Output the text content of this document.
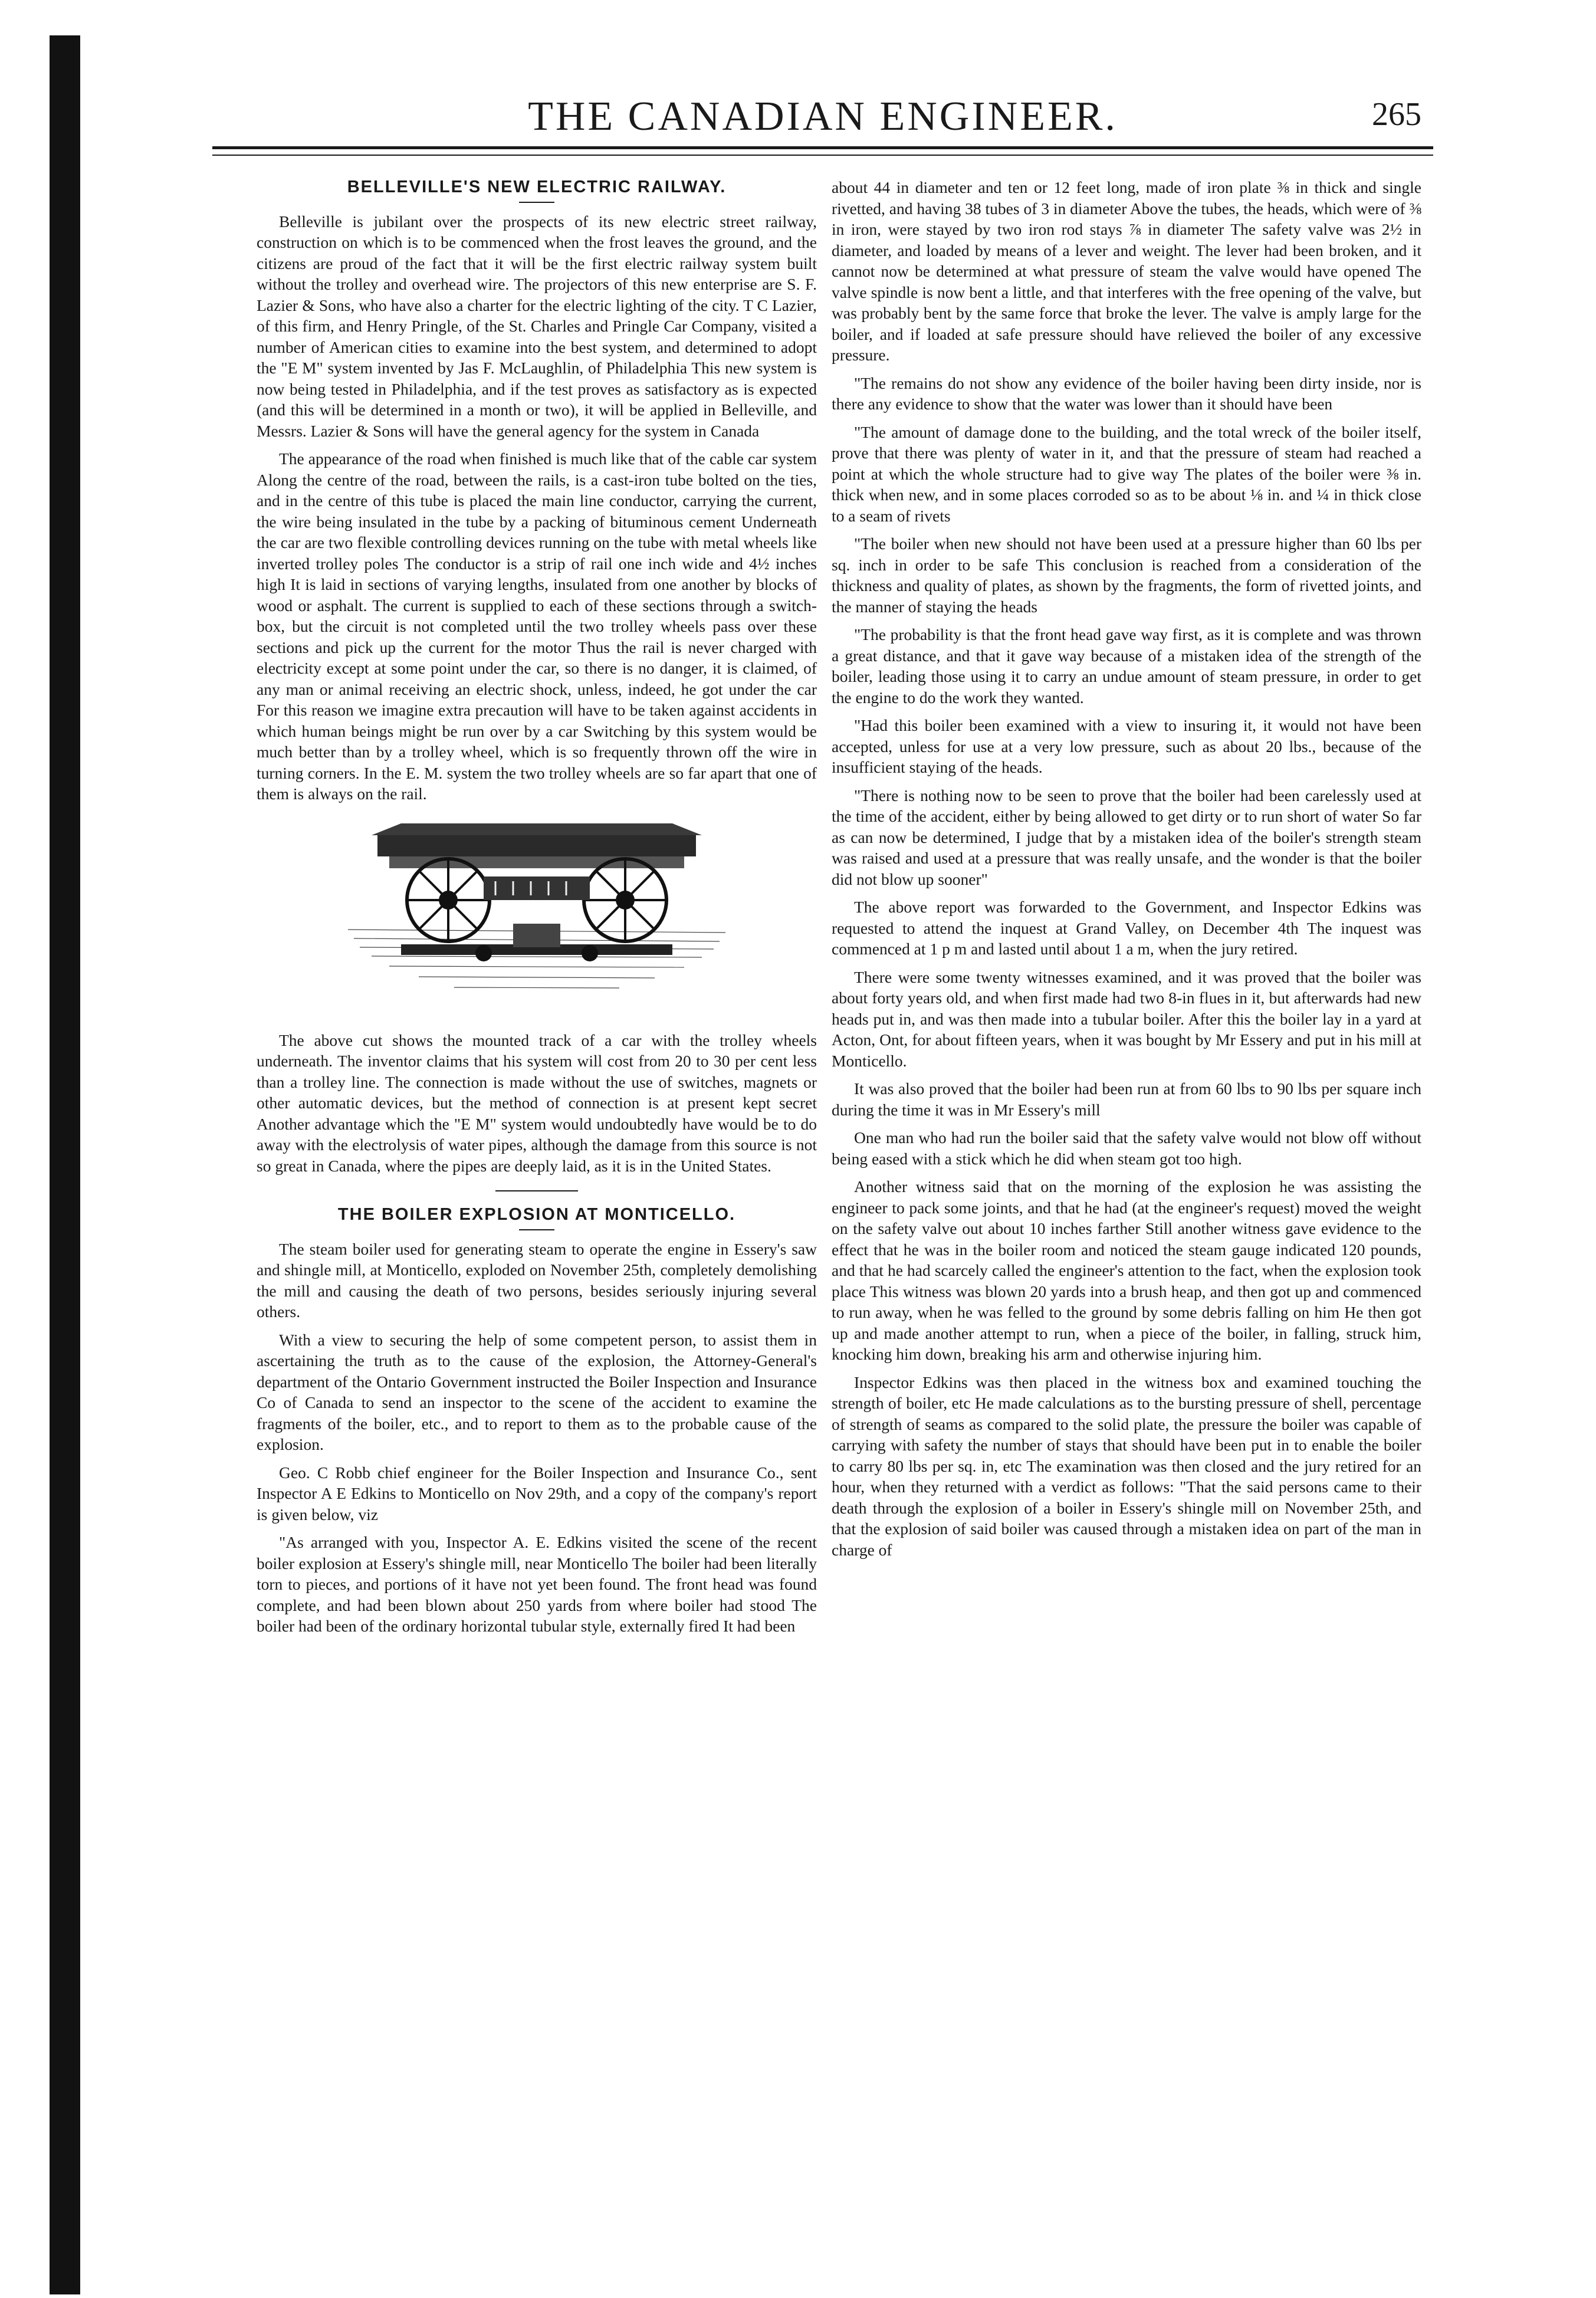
THE CANADIAN ENGINEER.	265
BELLEVILLE'S NEW ELECTRIC RAILWAY.

Belleville is jubilant over the prospects of its new electric street railway, construction on which is to be commenced when the frost leaves the ground, and the citizens are proud of the fact that it will be the first electric railway system built without the trolley and overhead wire. The projectors of this new enterprise are S. F. Lazier & Sons, who have also a charter for the electric lighting of the city. T C Lazier, of this firm, and Henry Pringle, of the St. Charles and Pringle Car Company, visited a number of American cities to examine into the best system, and determined to adopt the "E M" system invented by Jas F. McLaughlin, of Philadelphia This new system is now being tested in Philadelphia, and if the test proves as satisfactory as is expected (and this will be determined in a month or two), it will be applied in Belleville, and Messrs. Lazier & Sons will have the general agency for the system in Canada

The appearance of the road when finished is much like that of the cable car system Along the centre of the road, between the rails, is a cast-iron tube bolted on the ties, and in the centre of this tube is placed the main line conductor, carrying the current, the wire being insulated in the tube by a packing of bituminous cement Underneath the car are two flexible controlling devices running on the tube with metal wheels like inverted trolley poles The conductor is a strip of rail one inch wide and 4½ inches high It is laid in sections of varying lengths, insulated from one another by blocks of wood or asphalt. The current is supplied to each of these sections through a switch-box, but the circuit is not completed until the two trolley wheels pass over these sections and pick up the current for the motor Thus the rail is never charged with electricity except at some point under the car, so there is no danger, it is claimed, of any man or animal receiving an electric shock, unless, indeed, he got under the car For this reason we imagine extra precaution will have to be taken against accidents in which human beings might be run over by a car Switching by this system would be much better than by a trolley wheel, which is so frequently thrown off the wire in turning corners. In the E. M. system the two trolley wheels are so far apart that one of them is always on the rail.

The above cut shows the mounted track of a car with the trolley wheels underneath. The inventor claims that his system will cost from 20 to 30 per cent less than a trolley line. The connection is made without the use of switches, magnets or other automatic devices, but the method of connection is at present kept secret Another advantage which the "E M" system would undoubtedly have would be to do away with the electrolysis of water pipes, although the damage from this source is not so great in Canada, where the pipes are deeply laid, as it is in the United States.

THE BOILER EXPLOSION AT MONTICELLO.

The steam boiler used for generating steam to operate the engine in Essery's saw and shingle mill, at Monticello, exploded on November 25th, completely demolishing the mill and causing the death of two persons, besides seriously injuring several others.

With a view to securing the help of some competent person, to assist them in ascertaining the truth as to the cause of the explosion, the Attorney-General's department of the Ontario Government instructed the Boiler Inspection and Insurance Co of Canada to send an inspector to the scene of the accident to examine the fragments of the boiler, etc., and to report to them as to the probable cause of the explosion.

Geo. C Robb chief engineer for the Boiler Inspection and Insurance Co., sent Inspector A E Edkins to Monticello on Nov 29th, and a copy of the company's report is given below, viz

"As arranged with you, Inspector A. E. Edkins visited the scene of the recent boiler explosion at Essery's shingle mill, near Monticello The boiler had been literally torn to pieces, and portions of it have not yet been found. The front head was found complete, and had been blown about 250 yards from where boiler had stood The boiler had been of the ordinary horizontal tubular style, externally fired It had been

about 44 in diameter and ten or 12 feet long, made of iron plate ⅜ in thick and single rivetted, and having 38 tubes of 3 in diameter Above the tubes, the heads, which were of ⅜ in iron, were stayed by two iron rod stays ⅞ in diameter The safety valve was 2½ in diameter, and loaded by means of a lever and weight. The lever had been broken, and it cannot now be determined at what pressure of steam the valve would have opened The valve spindle is now bent a little, and that interferes with the free opening of the valve, but was probably bent by the same force that broke the lever. The valve is amply large for the boiler, and if loaded at safe pressure should have relieved the boiler of any excessive pressure.

"The remains do not show any evidence of the boiler having been dirty inside, nor is there any evidence to show that the water was lower than it should have been

"The amount of damage done to the building, and the total wreck of the boiler itself, prove that there was plenty of water in it, and that the pressure of steam had reached a point at which the whole structure had to give way The plates of the boiler were ⅜ in. thick when new, and in some places corroded so as to be about ⅛ in. and ¼ in thick close to a seam of rivets

"The boiler when new should not have been used at a pressure higher than 60 lbs per sq. inch in order to be safe This conclusion is reached from a consideration of the thickness and quality of plates, as shown by the fragments, the form of rivetted joints, and the manner of staying the heads

"The probability is that the front head gave way first, as it is complete and was thrown a great distance, and that it gave way because of a mistaken idea of the strength of the boiler, leading those using it to carry an undue amount of steam pressure, in order to get the engine to do the work they wanted.

"Had this boiler been examined with a view to insuring it, it would not have been accepted, unless for use at a very low pressure, such as about 20 lbs., because of the insufficient staying of the heads.

"There is nothing now to be seen to prove that the boiler had been carelessly used at the time of the accident, either by being allowed to get dirty or to run short of water So far as can now be determined, I judge that by a mistaken idea of the boiler's strength steam was raised and used at a pressure that was really unsafe, and the wonder is that the boiler did not blow up sooner"

The above report was forwarded to the Government, and Inspector Edkins was requested to attend the inquest at Grand Valley, on December 4th The inquest was commenced at 1 p m and lasted until about 1 a m, when the jury retired.

There were some twenty witnesses examined, and it was proved that the boiler was about forty years old, and when first made had two 8-in flues in it, but afterwards had new heads put in, and was then made into a tubular boiler. After this the boiler lay in a yard at Acton, Ont, for about fifteen years, when it was bought by Mr Essery and put in his mill at Monticello.

It was also proved that the boiler had been run at from 60 lbs to 90 lbs per square inch during the time it was in Mr Essery's mill

One man who had run the boiler said that the safety valve would not blow off without being eased with a stick which he did when steam got too high.

Another witness said that on the morning of the explosion he was assisting the engineer to pack some joints, and that he had (at the engineer's request) moved the weight on the safety valve out about 10 inches farther Still another witness gave evidence to the effect that he was in the boiler room and noticed the steam gauge indicated 120 pounds, and that he had scarcely called the engineer's attention to the fact, when the explosion took place This witness was blown 20 yards into a brush heap, and then got up and commenced to run away, when he was felled to the ground by some debris falling on him He then got up and made another attempt to run, when a piece of the boiler, in falling, struck him, knocking him down, breaking his arm and otherwise injuring him.

Inspector Edkins was then placed in the witness box and examined touching the strength of boiler, etc He made calculations as to the bursting pressure of shell, percentage of strength of seams as compared to the solid plate, the pressure the boiler was capable of carrying with safety the number of stays that should have been put in to enable the boiler to carry 80 lbs per sq. in, etc The examination was then closed and the jury retired for an hour, when they returned with a verdict as follows: "That the said persons came to their death through the explosion of a boiler in Essery's shingle mill on November 25th, and that the explosion of said boiler was caused through a mistaken idea on part of the man in charge of
